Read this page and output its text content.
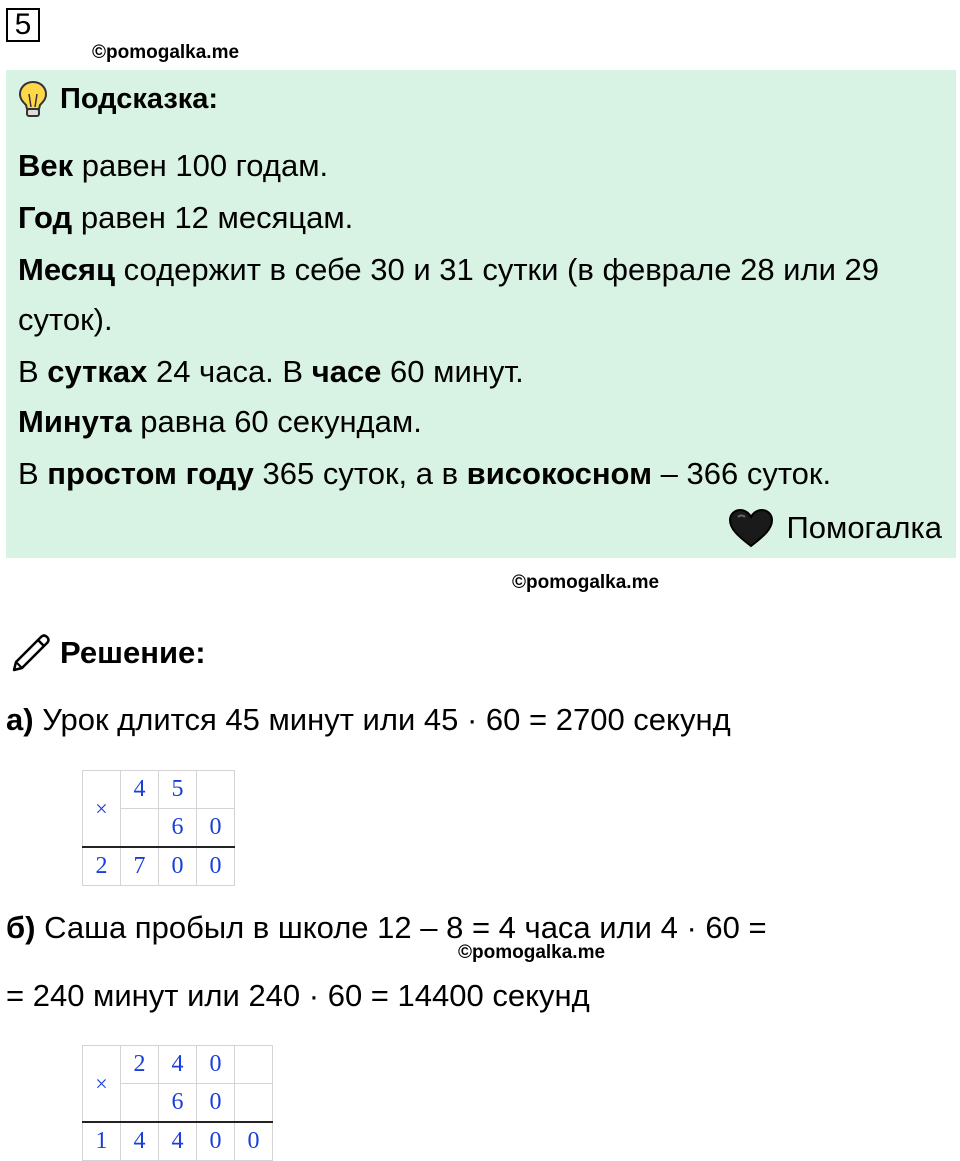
5
©pomogalka.me
Подсказка:
Век равен 100 годам.
Год равен 12 месяцам.
Месяц содержит в себе 30 и 31 сутки (в феврале 28 или 29
суток).
В сутках 24 часа. В часе 60 минут.
Минута равна 60 секундам.
В простом году 365 суток, а в високосном – 366 суток.
Помогалка
©pomogalka.me
Решение:
а) Урок длится 45 минут или 45 · 60 = 2700 секунд
×	4	5	
		6	0
2	7	0	0
б) Саша пробыл в школе 12 – 8 = 4 часа или 4 · 60 =
©pomogalka.me
= 240 минут или 240 · 60 = 14400 секунд
×	2	4	0	
		6	0	
1	4	4	0	0
